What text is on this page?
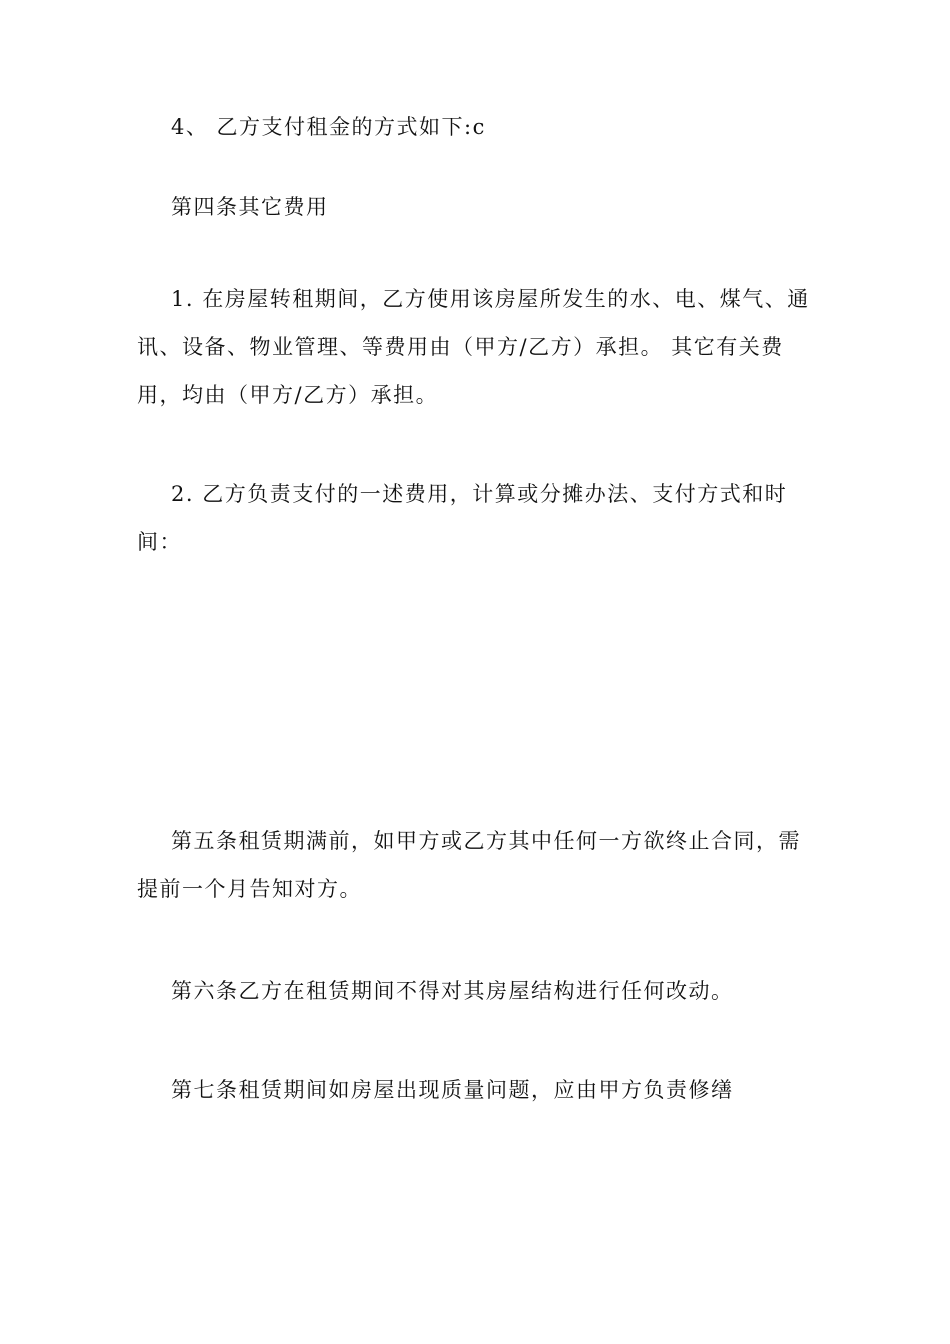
4、 乙方支付租金的方式如下:c

第四条其它费用

1. 在房屋转租期间，乙方使用该房屋所发生的水、电、煤气、通
讯、设备、物业管理、等费用由（甲方/乙方）承担。 其它有关费
用，均由（甲方/乙方）承担。

2. 乙方负责支付的一述费用，计算或分摊办法、支付方式和时
间：

第五条租赁期满前，如甲方或乙方其中任何一方欲终止合同，需
提前一个月告知对方。

第六条乙方在租赁期间不得对其房屋结构进行任何改动。

第七条租赁期间如房屋出现质量问题，应由甲方负责修缮
